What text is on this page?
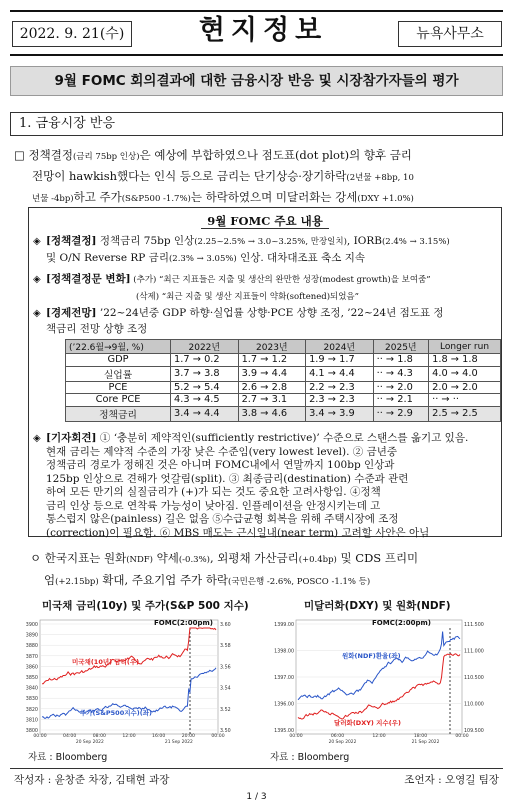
2022. 9. 21(수)	현지정보	뉴욕사무소
9월 FOMC 회의결과에 대한 금융시장 반응 및 시장참가자들의 평가
1. 금융시장 반응
□ 정책결정(금리 75bp 인상)은 예상에 부합하였으나 점도표(dot plot)의 향후 금리
전망이 hawkish했다는 인식 등으로 금리는 단기상승·장기하락(2년물 +8bp, 10
년물 -4bp)하고 주가(S&P500 -1.7%)는 하락하였으며 미달러화는 강세(DXY +1.0%)
9월 FOMC 주요 내용
◈ [정책결정] 정책금리 75bp 인상(2.25~2.5% → 3.0~3.25%, 만장일치), IORB(2.4% → 3.15%)
및 O/N Reverse RP 금리(2.3% → 3.05%) 인상. 대차대조표 축소 지속
◈ [정책결정문 변화] (추가) “최근 지표들은 지출 및 생산의 완만한 성장(modest growth)을 보여줌”
(삭제) “최근 지출 및 생산 지표들이 약화(softened)되었음”
◈ [경제전망] ’22~24년중 GDP 하향·실업률 상향·PCE 상향 조정, ’22~24년 점도표 정
책금리 전망 상향 조정
(’22.6월→9월, %)	2022년	2023년	2024년	2025년	Longer run
GDP	1.7 → 0.2	1.7 → 1.2	1.9 → 1.7	·· → 1.8	1.8 → 1.8
실업률	3.7 → 3.8	3.9 → 4.4	4.1 → 4.4	·· → 4.3	4.0 → 4.0
PCE	5.2 → 5.4	2.6 → 2.8	2.2 → 2.3	·· → 2.0	2.0 → 2.0
Core PCE	4.3 → 4.5	2.7 → 3.1	2.3 → 2.3	·· → 2.1	·· → ··
정책금리	3.4 → 4.4	3.8 → 4.6	3.4 → 3.9	·· → 2.9	2.5 → 2.5
◈ [기자회견] ① ‘충분히 제약적인(sufficiently restrictive)’ 수준으로 스탠스를 옮기고 있음.
현재 금리는 제약적 수준의 가장 낮은 수준임(very lowest level). ② 금년중
정책금리 경로가 정해진 것은 아니며 FOMC내에서 연말까지 100bp 인상과
125bp 인상으로 견해가 엇갈림(split). ③ 최종금리(destination) 수준과 관련
하여 모든 만기의 실질금리가 (+)가 되는 것도 중요한 고려사항임. ④정책
금리 인상 등으로 연착륙 가능성이 낮아짐. 인플레이션을 안정시키는데 고
통스럽지 않은(painless) 길은 없음 ⑤수급균형 회복을 위해 주택시장에 조정
(correction)이 필요함. ⑥ MBS 매도는 근시일내(near term) 고려할 사안은 아님
ㅇ 한국지표는 원화(NDF) 약세(-0.3%), 외평채 가산금리(+0.4bp) 및 CDS 프리미
엄(+2.15bp) 확대, 주요기업 주가 하락(국민은행 -2.6%, POSCO -1.1% 등)
미국채 금리(10y) 및 주가(S&P 500 지수)	미달러화(DXY) 및 원화(NDF)
FOMC(2:00pm)
미국채(10년) 금리(우)
주가(S&P500지수)(좌)
3900
3890
3880
3870
3860
3850
3840
3830
3820
3810
3800
3.60
3.58
3.56
3.54
3.52
3.50
00:00	04:00	08:00	12:00	16:00	20:00	00:00
20 Sep 2022	21 Sep 2022
FOMC(2:00pm)
원화(NDF)환율(좌)
달러화(DXY) 지수(우)
1399.00
1398.00
1397.00
1396.00
1395.00
111.500
111.000
110.500
110.000
109.500
00:00	06:00	12:00	18:00	00:00
20 Sep 2022	21 Sep 2022
자료 : Bloomberg	자료 : Bloomberg
작성자 : 윤창준 차장, 김태현 과장	조언자 : 오영길 팀장
1 / 3
